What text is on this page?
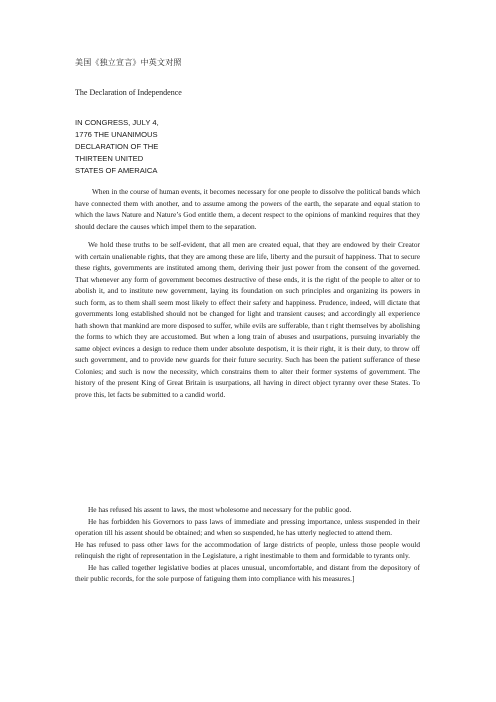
美国《独立宣言》中英文对照
The Declaration of Independence
IN CONGRESS, JULY 4,
1776 THE UNANIMOUS
DECLARATION OF THE
THIRTEEN UNITED
STATES OF AMERAICA

When in the course of human events, it becomes necessary for one people to dissolve the political bands which have connected them with another, and to assume among the powers of the earth, the separate and equal station to which the laws Nature and Nature’s God entitle them, a decent respect to the opinions of mankind requires that they should declare the causes which impel them to the separation.

We hold these truths to be self-evident, that all men are created equal, that they are endowed by their Creator with certain unalienable rights, that they are among these are life, liberty and the pursuit of happiness. That to secure these rights, governments are instituted among them, deriving their just power from the consent of the governed. That whenever any form of government becomes destructive of these ends, it is the right of the people to alter or to abolish it, and to institute new government, laying its foundation on such principles and organizing its powers in such form, as to them shall seem most likely to effect their safety and happiness. Prudence, indeed, will dictate that governments long established should not be changed for light and transient causes; and accordingly all experience hath shown that mankind are more disposed to suffer, while evils are sufferable, than t right themselves by abolishing the forms to which they are accustomed. But when a long train of abuses and usurpations, pursuing invariably the same object evinces a design to reduce them under absolute despotism, it is their right, it is their duty, to throw off such government, and to provide new guards for their future security. Such has been the patient sufferance of these Colonies; and such is now the necessity, which constrains them to alter their former systems of government. The history of the present King of Great Britain is usurpations, all having in direct object tyranny over these States. To prove this, let facts be submitted to a candid world.

He has refused his assent to laws, the most wholesome and necessary for the public good.

He has forbidden his Governors to pass laws of immediate and pressing importance, unless suspended in their operation till his assent should be obtained; and when so suspended, he has utterly neglected to attend them.

He has refused to pass other laws for the accommodation of large districts of people, unless those people would relinquish the right of representation in the Legislature, a right inestimable to them and formidable to tyrants only.

He has called together legislative bodies at places unusual, uncomfortable, and distant from the depository of their public records, for the sole purpose of fatiguing them into compliance with his measures.]
